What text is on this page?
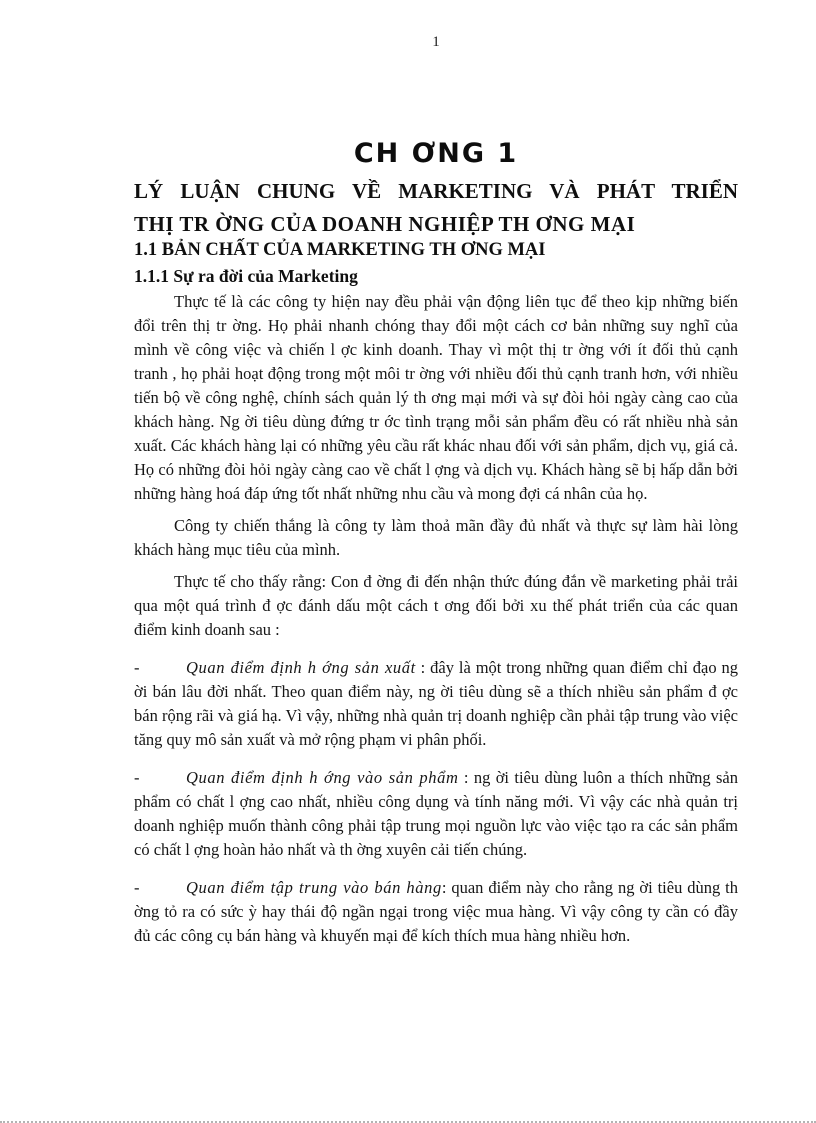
1
CH ƠNG 1
LÝ LUẬN CHUNG VỀ MARKETING VÀ PHÁT TRIỂN
THỊ TR ỜNG CỦA DOANH NGHIỆP TH ƠNG MẠI
1.1 BẢN CHẤT CỦA MARKETING TH ƠNG MẠI
1.1.1 Sự ra đời của Marketing

Thực tế là các công ty hiện nay đều phải vận động liên tục để theo kịp những biến đổi trên thị tr ờng. Họ phải nhanh chóng thay đổi một cách cơ bản những suy nghĩ của mình về công việc và chiến l ợc kinh doanh. Thay vì một thị tr ờng với ít đối thủ cạnh tranh , họ phải hoạt động trong một môi tr ờng với nhiều đối thủ cạnh tranh hơn, với nhiều tiến bộ về công nghệ, chính sách quản lý th ơng mại mới và sự đòi hỏi ngày càng cao của khách hàng. Ng ời tiêu dùng đứng tr ớc tình trạng mỗi sản phẩm đều có rất nhiều nhà sản xuất. Các khách hàng lại có những yêu cầu rất khác nhau đối với sản phẩm, dịch vụ, giá cả. Họ có những đòi hỏi ngày càng cao về chất l ợng và dịch vụ. Khách hàng sẽ bị hấp dẫn bởi những hàng hoá đáp ứng tốt nhất những nhu cầu và mong đợi cá nhân của họ.

Công ty chiến thắng là công ty làm thoả mãn đầy đủ nhất và thực sự làm hài lòng khách hàng mục tiêu của mình.

Thực tế cho thấy rằng: Con đ ờng đi đến nhận thức đúng đắn về marketing phải trải qua một quá trình đ ợc đánh dấu một cách t ơng đối bởi xu thế phát triển của các quan điểm kinh doanh sau :

-	Quan điểm định h ớng sản xuất : đây là một trong những quan điểm chỉ đạo ng ời bán lâu đời nhất. Theo quan điểm này, ng ời tiêu dùng sẽ a thích nhiều sản phẩm đ ợc bán rộng rãi và giá hạ. Vì vậy, những nhà quản trị doanh nghiệp cần phải tập trung vào việc tăng quy mô sản xuất và mở rộng phạm vi phân phối.

-	Quan điểm định h ớng vào sản phẩm : ng ời tiêu dùng luôn a thích những sản phẩm có chất l ợng cao nhất, nhiều công dụng và tính năng mới. Vì vậy các nhà quản trị doanh nghiệp muốn thành công phải tập trung mọi nguồn lực vào việc tạo ra các sản phẩm có chất l ợng hoàn hảo nhất và th ờng xuyên cải tiến chúng.

-	Quan điểm tập trung vào bán hàng: quan điểm này cho rằng ng ời tiêu dùng th ờng tỏ ra có sức ỳ hay thái độ ngần ngại trong việc mua hàng. Vì vậy công ty cần có đầy đủ các công cụ bán hàng và khuyến mại để kích thích mua hàng nhiều hơn.
